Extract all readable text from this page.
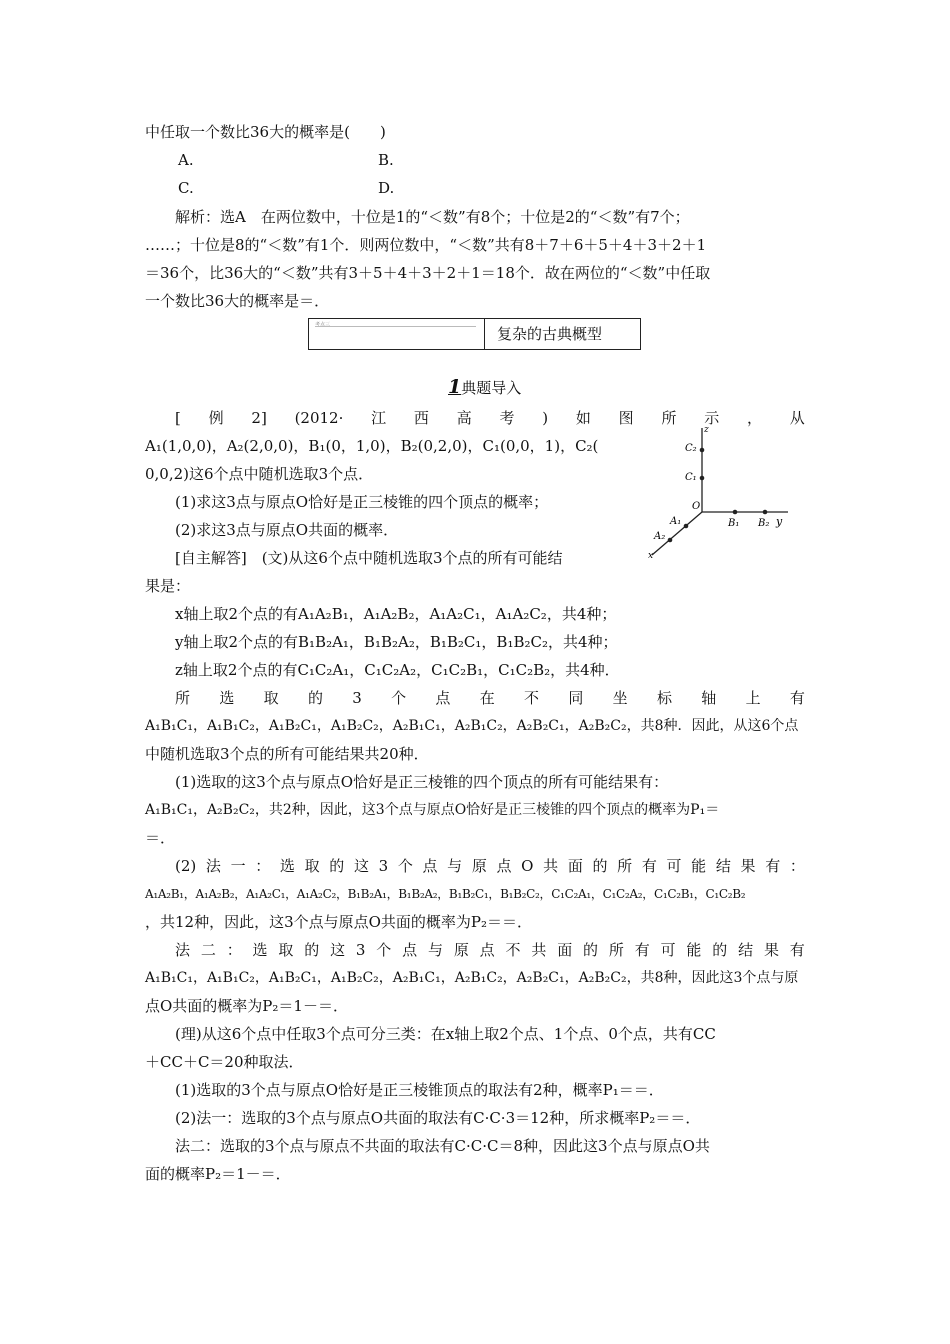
中任取一个数比36大的概率是(　　)
A.	B.
C.	D.
解析：选A　在两位数中，十位是1的“＜数”有8个；十位是2的“＜数”有7个；
……；十位是8的“＜数”有1个．则两位数中，“＜数”共有8＋7＋6＋5＋4＋3＋2＋1
＝36个，比36大的“＜数”共有3＋5＋4＋3＋2＋1＝18个．故在两位的“＜数”中任取
一个数比36大的概率是＝．
考点三	复杂的古典概型
1典题导入
[ 例 2] (2012· 江 西 高 考 ) 如 图 所 示 ， 从
A₁(1,0,0)，A₂(2,0,0)，B₁(0，1,0)，B₂(0,2,0)，C₁(0,0，1)，C₂(
0,0,2)这6个点中随机选取3个点．
(1)求这3点与原点O恰好是正三棱锥的四个顶点的概率；
(2)求这3点与原点O共面的概率．
[自主解答]　(文)从这6个点中随机选取3个点的所有可能结
果是：
x轴上取2个点的有A₁A₂B₁，A₁A₂B₂，A₁A₂C₁，A₁A₂C₂，共4种；
y轴上取2个点的有B₁B₂A₁，B₁B₂A₂，B₁B₂C₁，B₁B₂C₂，共4种；
z轴上取2个点的有C₁C₂A₁，C₁C₂A₂，C₁C₂B₁，C₁C₂B₂，共4种．
所 选 取 的 3 个 点 在 不 同 坐 标 轴 上 有
A₁B₁C₁，A₁B₁C₂，A₁B₂C₁，A₁B₂C₂，A₂B₁C₁，A₂B₁C₂，A₂B₂C₁，A₂B₂C₂，共8种．因此，从这6个点
中随机选取3个点的所有可能结果共20种．
(1)选取的这3个点与原点O恰好是正三棱锥的四个顶点的所有可能结果有：
A₁B₁C₁，A₂B₂C₂，共2种，因此，这3个点与原点O恰好是正三棱锥的四个顶点的概率为P₁＝
＝．
(2) 法 一 ： 选 取 的 这 3 个 点 与 原 点 O 共 面 的 所 有 可 能 结 果 有 ：
A₁A₂B₁，A₁A₂B₂，A₁A₂C₁，A₁A₂C₂，B₁B₂A₁，B₁B₂A₂，B₁B₂C₁，B₁B₂C₂，C₁C₂A₁，C₁C₂A₂，C₁C₂B₁，C₁C₂B₂
，共12种，因此，这3个点与原点O共面的概率为P₂＝＝．
法 二 ： 选 取 的 这 3 个 点 与 原 点 不 共 面 的 所 有 可 能 的 结 果 有
A₁B₁C₁，A₁B₁C₂，A₁B₂C₁，A₁B₂C₂，A₂B₁C₁，A₂B₁C₂，A₂B₂C₁，A₂B₂C₂，共8种，因此这3个点与原
点O共面的概率为P₂＝1－＝．
(理)从这6个点中任取3个点可分三类：在x轴上取2个点、1个点、0个点，共有CC
＋CC＋C＝20种取法．
(1)选取的3个点与原点O恰好是正三棱锥顶点的取法有2种，概率P₁＝＝．
(2)法一：选取的3个点与原点O共面的取法有C·C·3＝12种，所求概率P₂＝＝．
法二：选取的3个点与原点不共面的取法有C·C·C＝8种，因此这3个点与原点O共
面的概率P₂＝1－＝．
z
C₂
C₁
O
B₁ B₂ y
A₁
A₂
x
